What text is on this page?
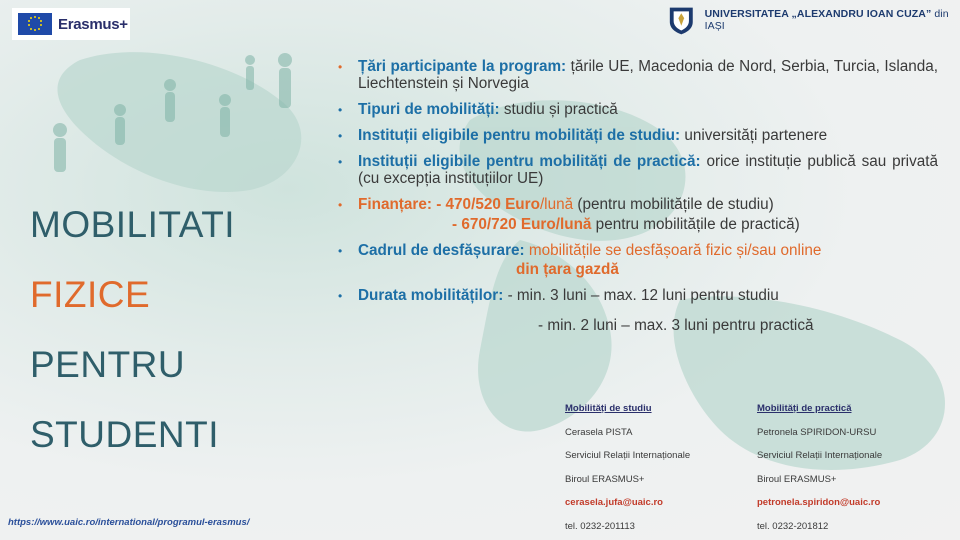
Erasmus+
UNIVERSITATEA „ALEXANDRU IOAN CUZA” din IAȘI
MOBILITATI
FIZICE
PENTRU
STUDENTI
•	Țări participante la program: țările UE, Macedonia de Nord, Serbia, Turcia, Islanda, Liechtenstein și Norvegia
•	Tipuri de mobilități: studiu și practică
•	Instituții eligibile pentru mobilități de studiu: universități partenere
•	Instituții eligibile pentru mobilități de practică: orice instituție publică sau privată (cu excepția instituțiilor UE)
•	Finanțare: - 470/520 Euro/lună (pentru mobilitățile de studiu)
- 670/720 Euro/lună pentru mobilitățile de practică)
•	Cadrul de desfășurare: mobilitățile se desfășoară fizic și/sau online
din țara gazdă
•	Durata mobilităților: - min. 3 luni – max. 12 luni pentru studiu
- min. 2 luni – max. 3 luni pentru practică
Mobilități de studiu
Cerasela PISTA
Serviciul Relații Internaționale
Biroul ERASMUS+
cerasela.jufa@uaic.ro
tel. 0232-201113
Mobilități de practică
Petronela SPIRIDON-URSU
Serviciul Relații Internaționale
Biroul ERASMUS+
petronela.spiridon@uaic.ro
tel. 0232-201812
https://www.uaic.ro/international/programul-erasmus/
